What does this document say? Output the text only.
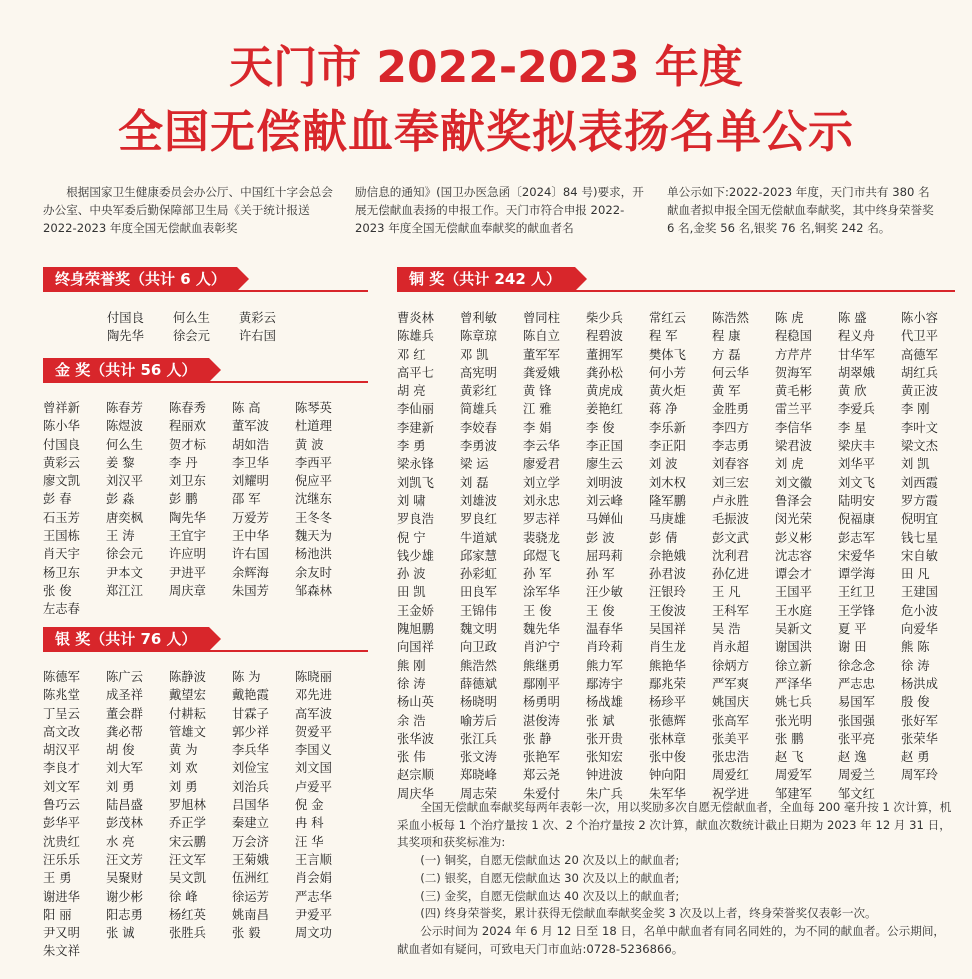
天门市 2022-2023 年度
全国无偿献血奉献奖拟表扬名单公示
根据国家卫生健康委员会办公厅、中国红十字会总会办公室、中央军委后勤保障部卫生局《关于统计报送 2022-2023 年度全国无偿献血表彰奖
励信息的通知》(国卫办医急函〔2024〕84 号)要求，开展无偿献血表扬的申报工作。天门市符合申报 2022-2023 年度全国无偿献血奉献奖的献血者名
单公示如下:2022-2023 年度，天门市共有 380 名献血者拟申报全国无偿献血奉献奖，其中终身荣誉奖 6 名,金奖 56 名,银奖 76 名,铜奖 242 名。
终身荣誉奖（共计 6 人）
付国良	何么生	黄彩云
陶先华	徐会元	许右国
金 奖（共计 56 人）
曾祥新	陈春芳	陈春秀	陈 高	陈琴英
陈小华	陈煜波	程丽欢	董军波	杜道理
付国良	何么生	贺才标	胡如浩	黄 波
黄彩云	姜 黎	李 丹	李卫华	李西平
廖文凯	刘汉平	刘卫东	刘耀明	倪应平
彭 春	彭 淼	彭 鹏	邵 军	沈继东
石玉芳	唐奕枫	陶先华	万爱芳	王冬冬
王国栋	王 涛	王宜宇	王中华	魏天为
肖天宇	徐会元	许应明	许右国	杨池洪
杨卫东	尹本文	尹进平	余辉海	余友时
张 俊	郑江江	周庆章	朱国芳	邹森林
左志春
银 奖（共计 76 人）
陈德军	陈广云	陈静波	陈 为	陈晓丽
陈兆堂	成圣祥	戴望宏	戴艳霞	邓先进
丁呈云	董会群	付耕耘	甘霖子	高军波
高文改	龚必帮	管雄文	郭少祥	贺爱平
胡汉平	胡 俊	黄 为	李兵华	李国义
李良才	刘大军	刘 欢	刘俭宝	刘文国
刘文军	刘 勇	刘 勇	刘治兵	卢爱平
鲁巧云	陆昌盛	罗旭林	吕国华	倪 金
彭华平	彭茂林	乔正学	秦建立	冉 科
沈贵红	水 亮	宋云鹏	万会济	汪 华
汪乐乐	汪文芳	汪文军	王菊娥	王言顺
王 勇	吴聚财	吴文凯	伍洲红	肖会娟
谢进华	谢少彬	徐 峰	徐运芳	严志华
阳 丽	阳志勇	杨红英	姚南昌	尹爱平
尹又明	张 诚	张胜兵	张 毅	周文功
朱文祥
铜 奖（共计 242 人）
曹炎林	曾利敏	曾同柱	柴少兵	常红云	陈浩然	陈 虎	陈 盛	陈小容
陈雄兵	陈章琼	陈自立	程碧波	程 军	程 康	程稳国	程义舟	代卫平
邓 红	邓 凯	董军军	董拥军	樊体飞	方 磊	方芹芹	甘华军	高德军
高平七	高宪明	龚爱娥	龚孙松	何小芳	何云华	贺海军	胡翠娥	胡红兵
胡 亮	黄彩红	黄 锋	黄虎成	黄火炬	黄 军	黄毛彬	黄 欣	黄正波
李仙丽	简雄兵	江 雅	姜艳红	蒋 净	金胜勇	雷兰平	李爱兵	李 刚
李建新	李姣春	李 娟	李 俊	李乐新	李四方	李信华	李 星	李叶文
李 勇	李勇波	李云华	李正国	李正阳	李志勇	梁君波	梁庆丰	梁文杰
梁永锋	梁 运	廖爱君	廖生云	刘 波	刘春容	刘 虎	刘华平	刘 凯
刘凯飞	刘 磊	刘立学	刘明波	刘木权	刘三宏	刘文徽	刘文飞	刘西霞
刘 啸	刘雄波	刘永忠	刘云峰	隆军鹏	卢永胜	鲁泽会	陆明安	罗方霞
罗良浩	罗良红	罗志祥	马婵仙	马庚雄	毛振波	闵光荣	倪福康	倪明宜
倪 宁	牛道斌	裴骁龙	彭 波	彭 倩	彭文武	彭义彬	彭志军	钱七星
钱少雄	邱家慧	邱煜飞	屈玛莉	佘艳娥	沈利君	沈志容	宋爱华	宋自敏
孙 波	孙彩虹	孙 军	孙 军	孙君波	孙亿进	谭会才	谭学海	田 凡
田 凯	田良军	涂军华	汪少敏	汪银玲	王 凡	王国平	王红卫	王建国
王金娇	王锦伟	王 俊	王 俊	王俊波	王科军	王水庭	王学锋	危小波
隗旭鹏	魏文明	魏先华	温春华	吴国祥	吴 浩	吴新文	夏 平	向爱华
向国祥	向卫政	肖沪宁	肖玲莉	肖生龙	肖永超	谢国洪	谢 田	熊 陈
熊 刚	熊浩然	熊继勇	熊力军	熊艳华	徐炳方	徐立新	徐念念	徐 涛
徐 涛	薛德斌	鄢刚平	鄢涛宇	鄢兆荣	严军爽	严泽华	严志忠	杨洪成
杨山英	杨晓明	杨勇明	杨战雄	杨珍平	姚国庆	姚七兵	易国军	殷 俊
余 浩	喻芳后	湛俊涛	张 斌	张德辉	张高军	张光明	张国强	张好军
张华波	张江兵	张 静	张开贵	张林章	张美平	张 鹏	张平亮	张荣华
张 伟	张文涛	张艳军	张知宏	张中俊	张忠浩	赵 飞	赵 逸	赵 勇
赵宗顺	郑晓峰	郑云尧	钟进波	钟向阳	周爱红	周爱军	周爱兰	周军玲
周庆华	周志荣	朱爱付	朱广兵	朱军华	祝学进	邹建军	邹文红

全国无偿献血奉献奖每两年表彰一次，用以奖励多次自愿无偿献血者，全血每 200 毫升按 1 次计算，机采血小板每 1 个治疗量按 1 次、2 个治疗量按 2 次计算，献血次数统计截止日期为 2023 年 12 月 31 日，其奖项和获奖标准为:

(一) 铜奖，自愿无偿献血达 20 次及以上的献血者;

(二) 银奖，自愿无偿献血达 30 次及以上的献血者;

(三) 金奖，自愿无偿献血达 40 次及以上的献血者;

(四) 终身荣誉奖，累计获得无偿献血奉献奖金奖 3 次及以上者，终身荣誉奖仅表彰一次。

公示时间为 2024 年 6 月 12 日至 18 日，名单中献血者有同名同姓的，为不同的献血者。公示期间，献血者如有疑问，可致电天门市血站:0728-5236866。
